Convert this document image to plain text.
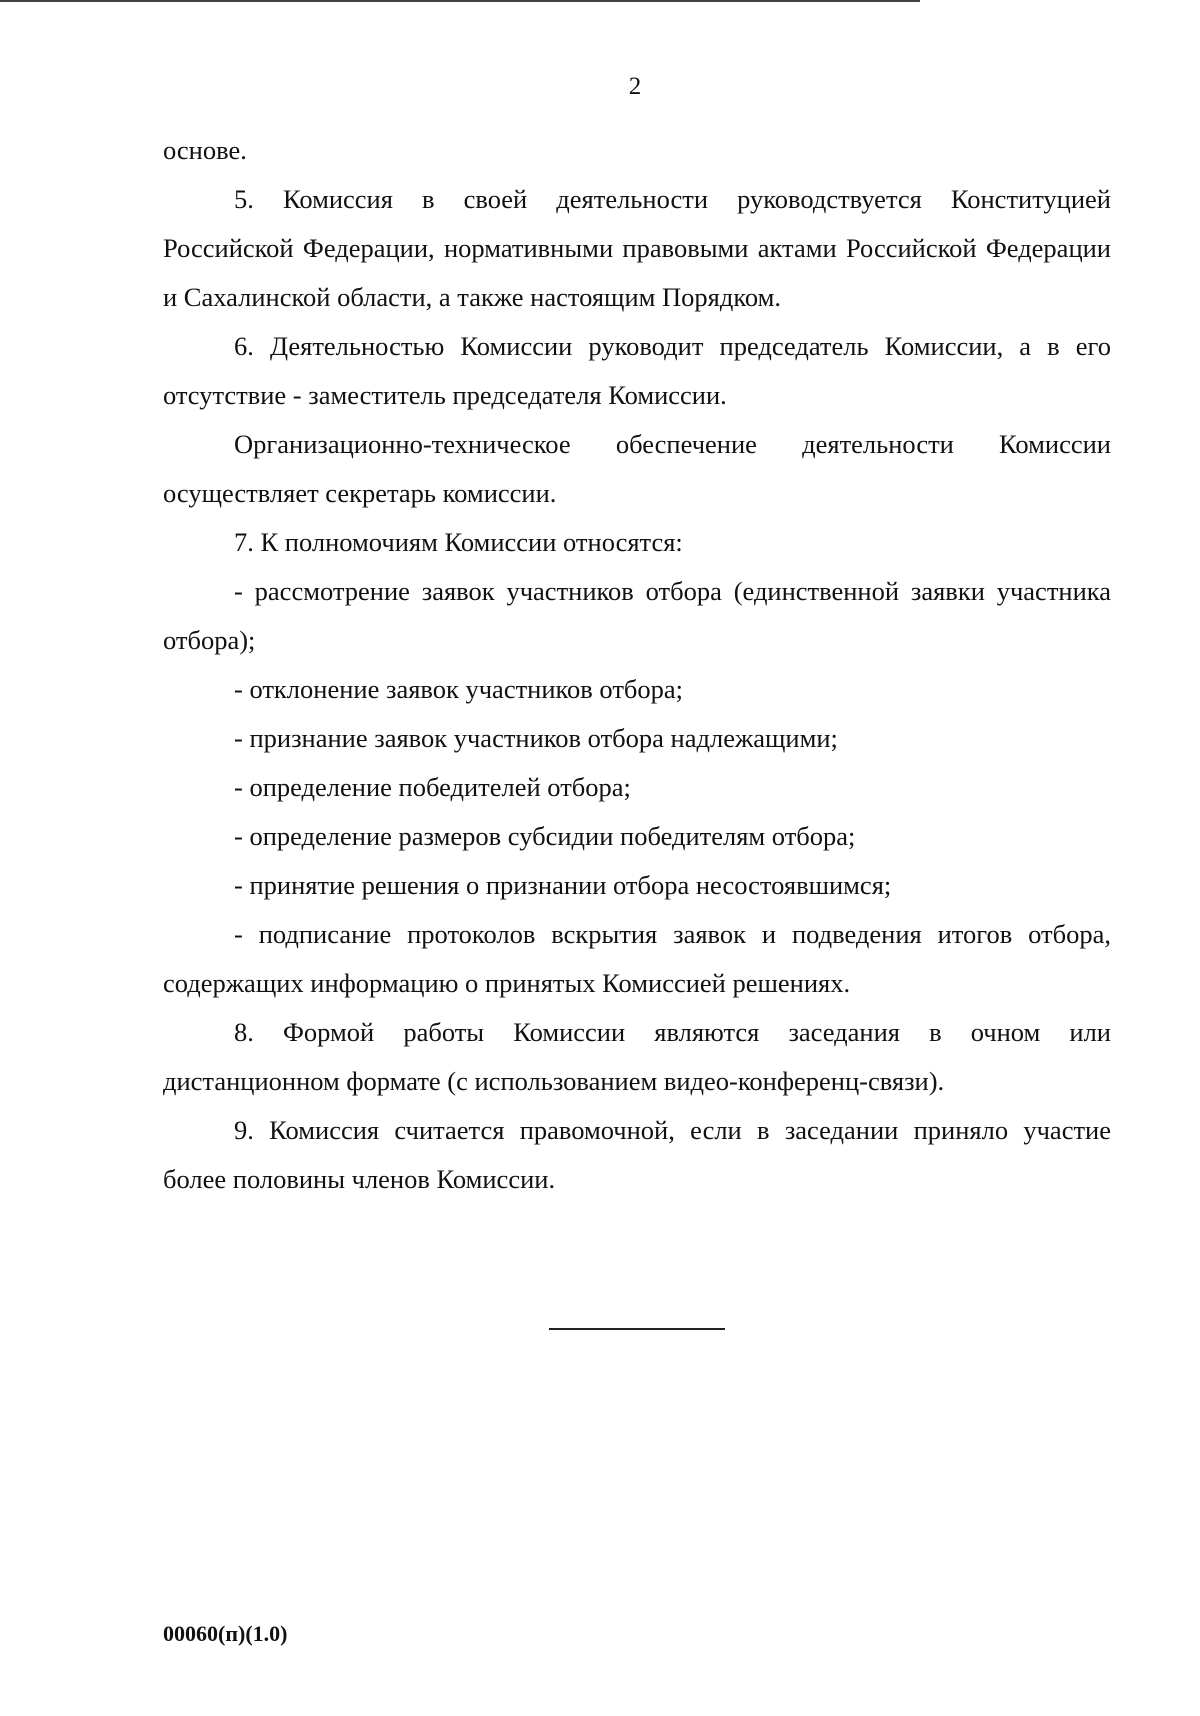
2

основе.

5. Комиссия в своей деятельности руководствуется Конституцией Российской Федерации, нормативными правовыми актами Российской Федерации и Сахалинской области, а также настоящим Порядком.

6. Деятельностью Комиссии руководит председатель Комиссии, а в его отсутствие - заместитель председателя Комиссии.

Организационно-техническое обеспечение деятельности Комиссии осуществляет секретарь комиссии.

7. К полномочиям Комиссии относятся:

- рассмотрение заявок участников отбора (единственной заявки участника отбора);

- отклонение заявок участников отбора;

- признание заявок участников отбора надлежащими;

- определение победителей отбора;

- определение размеров субсидии победителям отбора;

- принятие решения о признании отбора несостоявшимся;

- подписание протоколов вскрытия заявок и подведения итогов отбора, содержащих информацию о принятых Комиссией решениях.

8. Формой работы Комиссии являются заседания в очном или дистанционном формате (с использованием видео-конференц-связи).

9. Комиссия считается правомочной, если в заседании приняло участие более половины членов Комиссии.

00060(п)(1.0)
